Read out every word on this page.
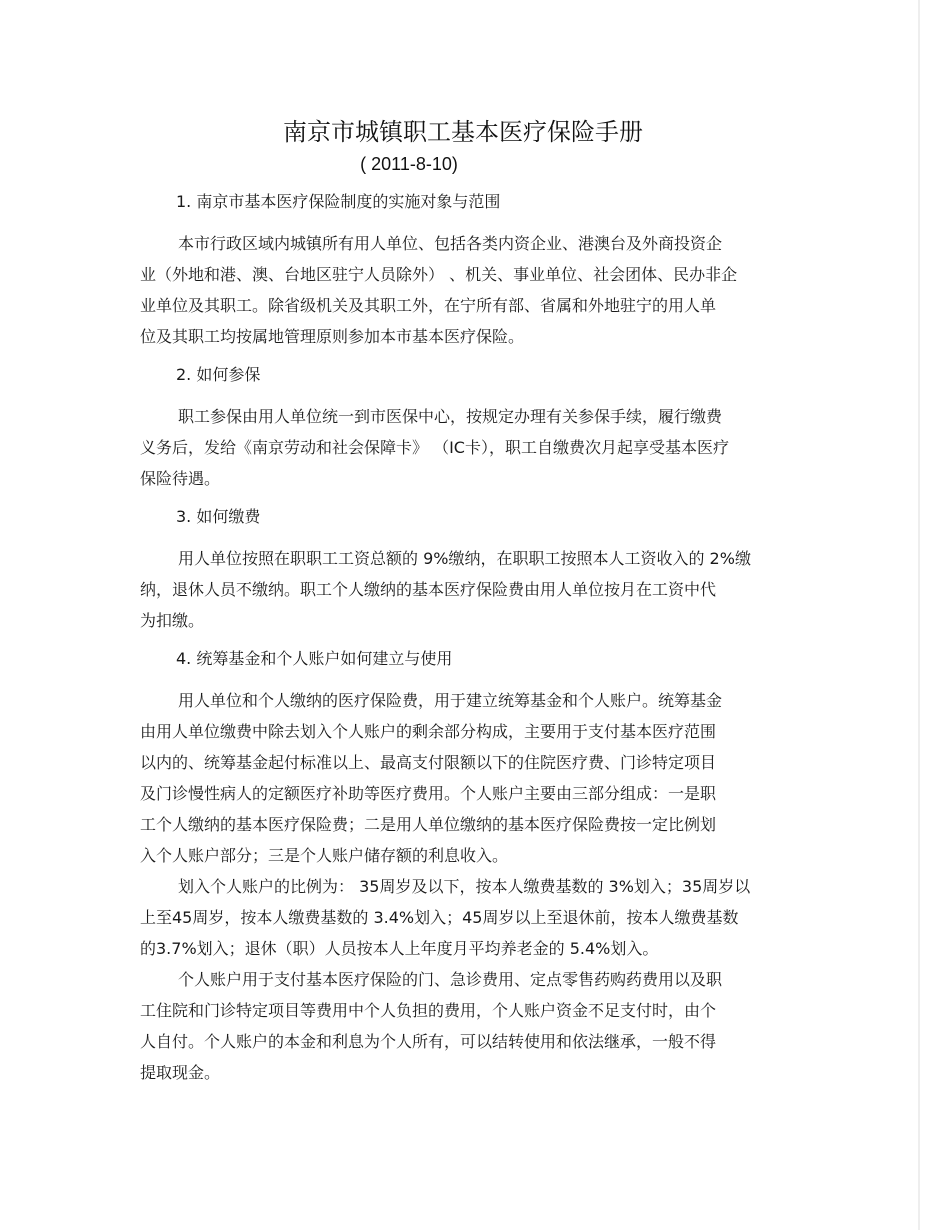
南京市城镇职工基本医疗保险手册
( 2011-8-10)
1. 南京市基本医疗保险制度的实施对象与范围
本市行政区域内城镇所有用人单位、包括各类内资企业、港澳台及外商投资企
业（外地和港、澳、台地区驻宁人员除外） 、机关、事业单位、社会团体、民办非企
业单位及其职工。除省级机关及其职工外，在宁所有部、省属和外地驻宁的用人单
位及其职工均按属地管理原则参加本市基本医疗保险。
2. 如何参保
职工参保由用人单位统一到市医保中心，按规定办理有关参保手续，履行缴费
义务后，发给《南京劳动和社会保障卡》 （IC卡），职工自缴费次月起享受基本医疗
保险待遇。
3. 如何缴费
用人单位按照在职职工工资总额的 9%缴纳，在职职工按照本人工资收入的 2%缴
纳，退休人员不缴纳。职工个人缴纳的基本医疗保险费由用人单位按月在工资中代
为扣缴。
4. 统筹基金和个人账户如何建立与使用
用人单位和个人缴纳的医疗保险费，用于建立统筹基金和个人账户。统筹基金
由用人单位缴费中除去划入个人账户的剩余部分构成，主要用于支付基本医疗范围
以内的、统筹基金起付标准以上、最高支付限额以下的住院医疗费、门诊特定项目
及门诊慢性病人的定额医疗补助等医疗费用。个人账户主要由三部分组成：一是职
工个人缴纳的基本医疗保险费；二是用人单位缴纳的基本医疗保险费按一定比例划
入个人账户部分；三是个人账户储存额的利息收入。
划入个人账户的比例为： 35周岁及以下，按本人缴费基数的 3%划入；35周岁以
上至45周岁，按本人缴费基数的 3.4%划入；45周岁以上至退休前，按本人缴费基数
的3.7%划入；退休（职）人员按本人上年度月平均养老金的 5.4%划入。
个人账户用于支付基本医疗保险的门、急诊费用、定点零售药购药费用以及职
工住院和门诊特定项目等费用中个人负担的费用，个人账户资金不足支付时，由个
人自付。个人账户的本金和利息为个人所有，可以结转使用和依法继承，一般不得
提取现金。
